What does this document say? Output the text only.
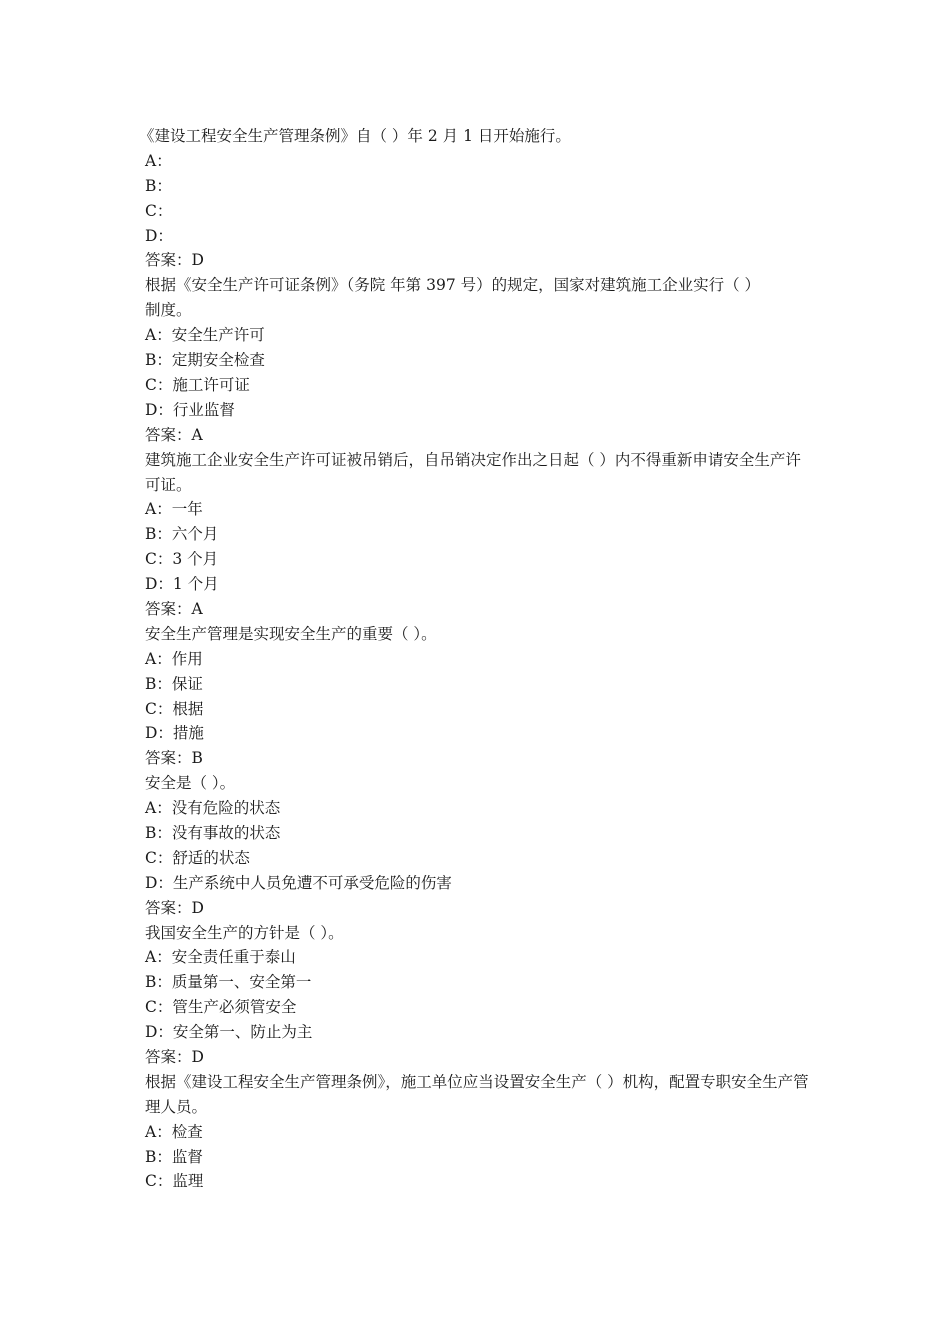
《建设工程安全生产管理条例》自（ ）年 2 月 1 日开始施行。
A：
B：
C：
D：
答案：D
根据《安全生产许可证条例》（务院 年第 397 号）的规定，国家对建筑施工企业实行（ ）
制度。
A：安全生产许可
B：定期安全检查
C：施工许可证
D：行业监督
答案：A
建筑施工企业安全生产许可证被吊销后，自吊销决定作出之日起（ ）内不得重新申请安全生产许可证。
A：一年
B：六个月
C：3 个月
D：1 个月
答案：A
安全生产管理是实现安全生产的重要（ ）。
A：作用
B：保证
C：根据
D：措施
答案：B
安全是（ ）。
A：没有危险的状态
B：没有事故的状态
C：舒适的状态
D：生产系统中人员免遭不可承受危险的伤害
答案：D
我国安全生产的方针是（ ）。
A：安全责任重于泰山
B：质量第一、安全第一
C：管生产必须管安全
D：安全第一、防止为主
答案：D
根据《建设工程安全生产管理条例》，施工单位应当设置安全生产（ ）机构，配置专职安全生产管理人员。
A：检查
B：监督
C：监理
